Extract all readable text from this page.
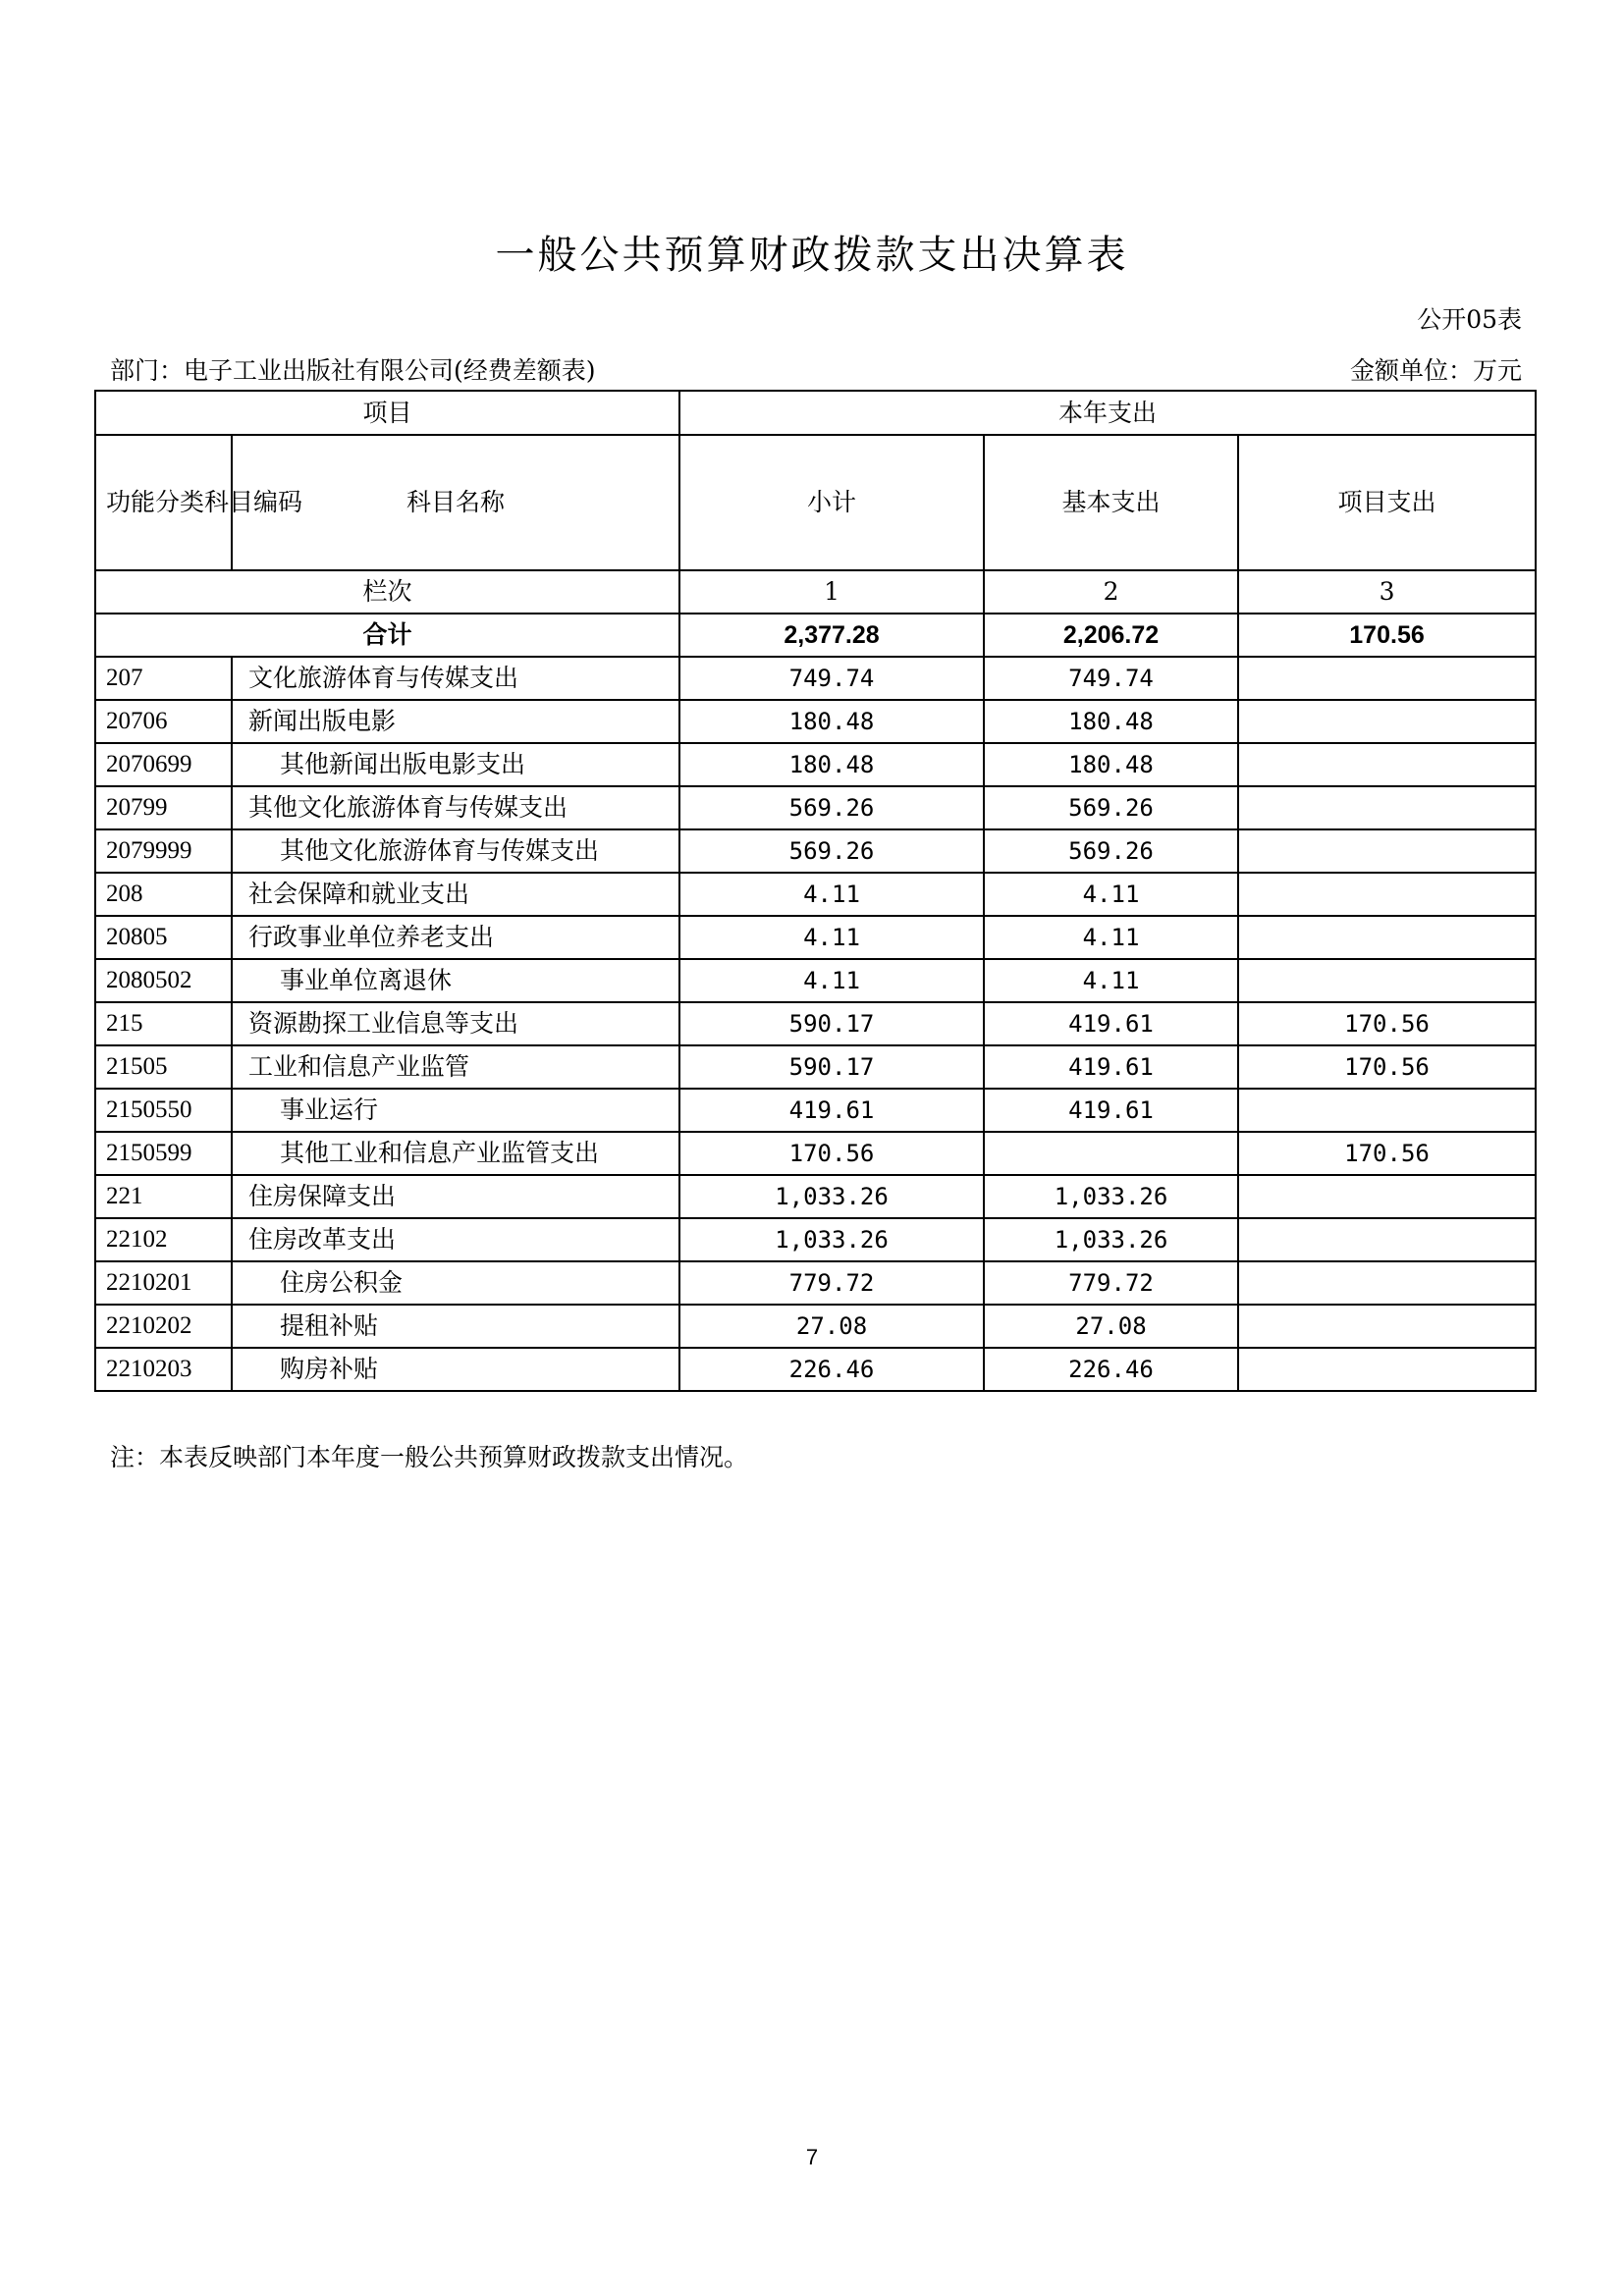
一般公共预算财政拨款支出决算表
公开05表
部门：电子工业出版社有限公司(经费差额表)	金额单位：万元
项目		本年支出		
功能分类科目编码	科目名称	小计	基本支出	项目支出
栏次		1	2	3
合计		2,377.28	2,206.72	170.56
207	文化旅游体育与传媒支出	749.74	749.74	
20706	新闻出版电影	180.48	180.48	
2070699	其他新闻出版电影支出	180.48	180.48	
20799	其他文化旅游体育与传媒支出	569.26	569.26	
2079999	其他文化旅游体育与传媒支出	569.26	569.26	
208	社会保障和就业支出	4.11	4.11	
20805	行政事业单位养老支出	4.11	4.11	
2080502	事业单位离退休	4.11	4.11	
215	资源勘探工业信息等支出	590.17	419.61	170.56
21505	工业和信息产业监管	590.17	419.61	170.56
2150550	事业运行	419.61	419.61	
2150599	其他工业和信息产业监管支出	170.56		170.56
221	住房保障支出	1,033.26	1,033.26	
22102	住房改革支出	1,033.26	1,033.26	
2210201	住房公积金	779.72	779.72	
2210202	提租补贴	27.08	27.08	
2210203	购房补贴	226.46	226.46	
注：本表反映部门本年度一般公共预算财政拨款支出情况。
7
